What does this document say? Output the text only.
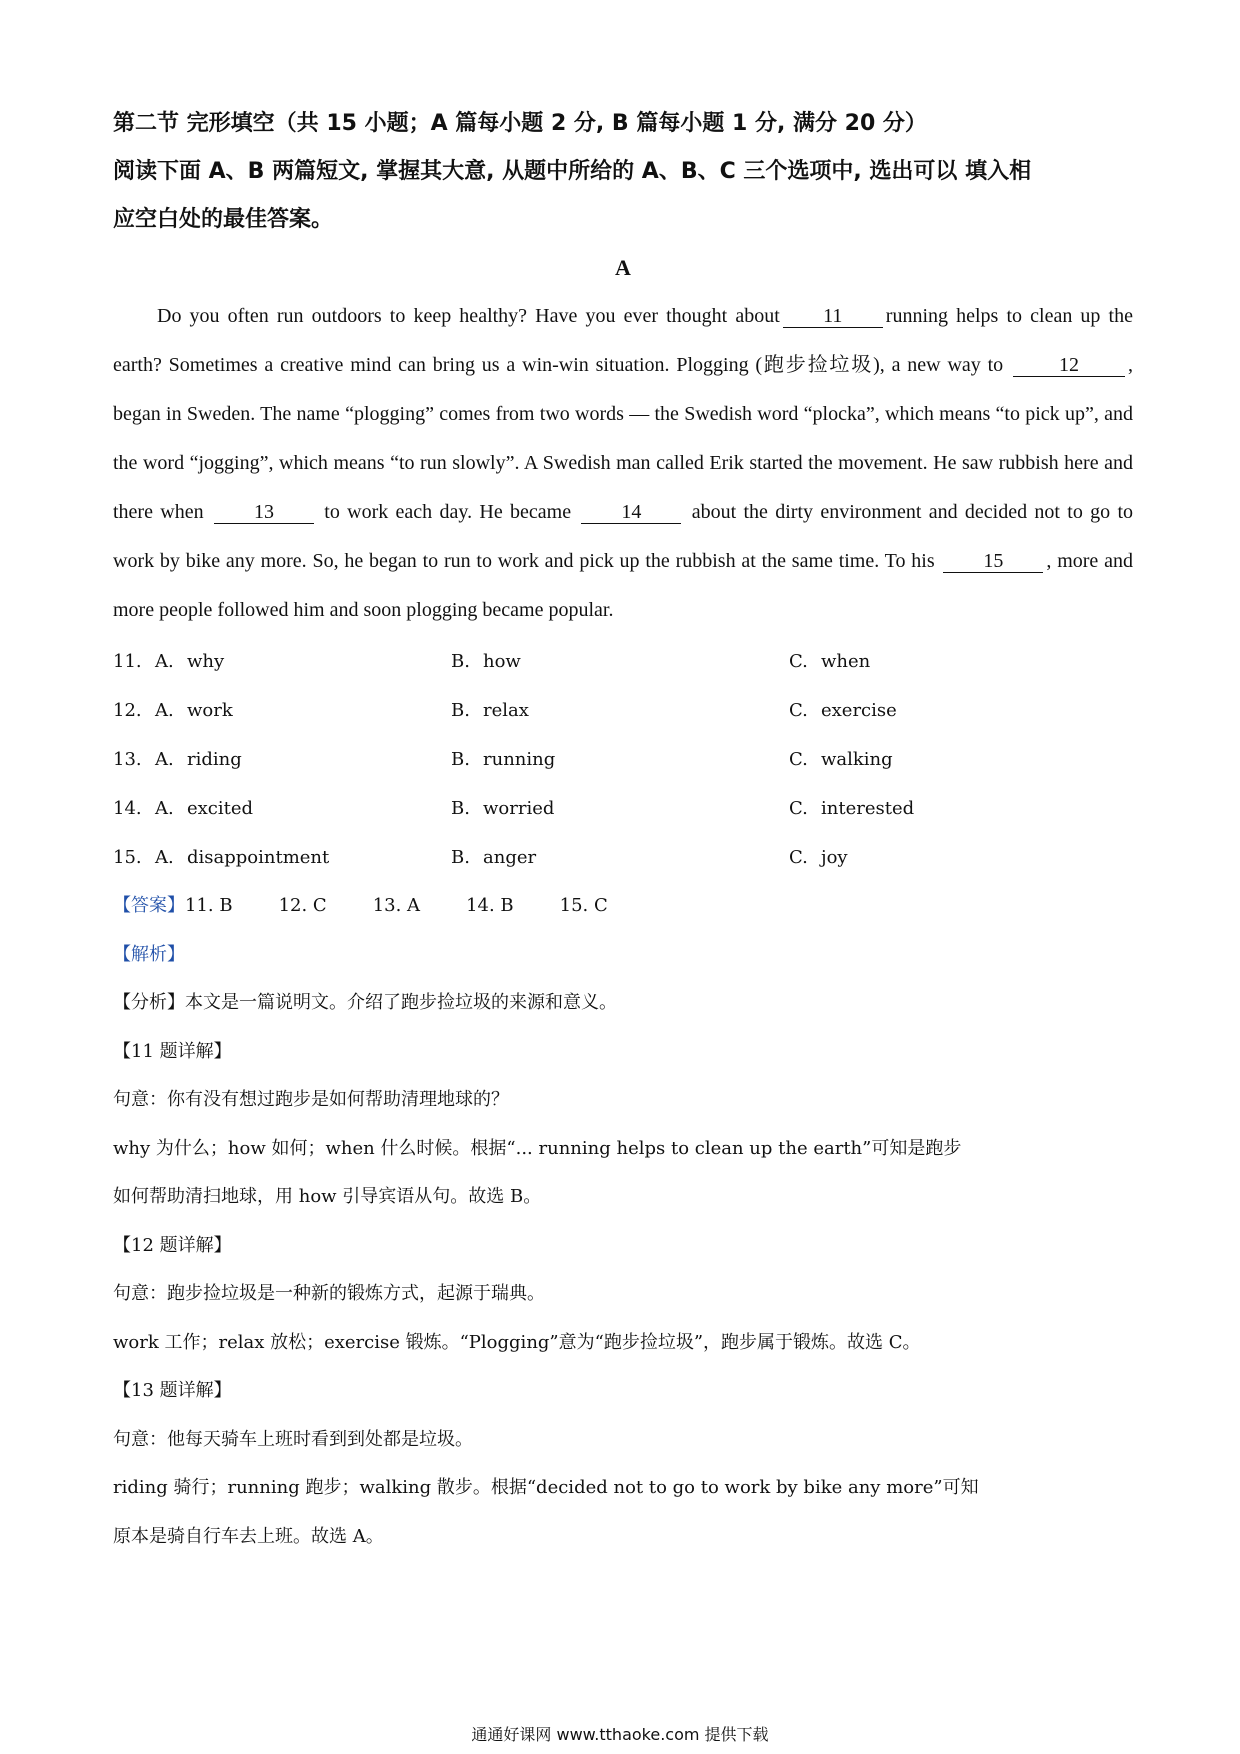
第二节 完形填空（共 15 小题；A 篇每小题 2 分, B 篇每小题 1 分, 满分 20 分）

阅读下面 A、B 两篇短文, 掌握其大意, 从题中所给的 A、B、C 三个选项中, 选出可以 填入相

应空白处的最佳答案。

A

Do you often run outdoors to keep healthy? Have you ever thought about 11 running helps to clean up the earth? Sometimes a creative mind can bring us a win-win situation. Plogging (跑步捡垃圾), a new way to	12 , began in Sweden. The name “plogging” comes from two words — the Swedish word “plocka”, which means “to pick up”, and the word “jogging”, which means “to run slowly”. A Swedish man called Erik started the movement. He saw rubbish here and there when	13	to work each day. He became	14	about the dirty environment and decided not to go to work by bike any more. So, he began to run to work and pick up the rubbish at the same time. To his 15 , more and more people followed him and soon plogging became popular.

11. A. why	B. how	C. when
12. A. work	B. relax	C. exercise
13. A. riding	B. running	C. walking
14. A. excited	B. worried	C. interested
15. A. disappointment	B. anger	C. joy

【答案】11. B	12. C	13. A	14. B	15. C

【解析】

【分析】本文是一篇说明文。介绍了跑步捡垃圾的来源和意义。

【11 题详解】

句意：你有没有想过跑步是如何帮助清理地球的？

why 为什么；how 如何；when 什么时候。根据“... running helps to clean up the earth”可知是跑步

如何帮助清扫地球，用 how 引导宾语从句。故选 B。

【12 题详解】

句意：跑步捡垃圾是一种新的锻炼方式，起源于瑞典。

work 工作；relax 放松；exercise 锻炼。“Plogging”意为“跑步捡垃圾”，跑步属于锻炼。故选 C。

【13 题详解】

句意：他每天骑车上班时看到到处都是垃圾。

riding 骑行；running 跑步；walking 散步。根据“decided not to go to work by bike any more”可知

原本是骑自行车去上班。故选 A。

通通好课网 www.tthaoke.com 提供下载
